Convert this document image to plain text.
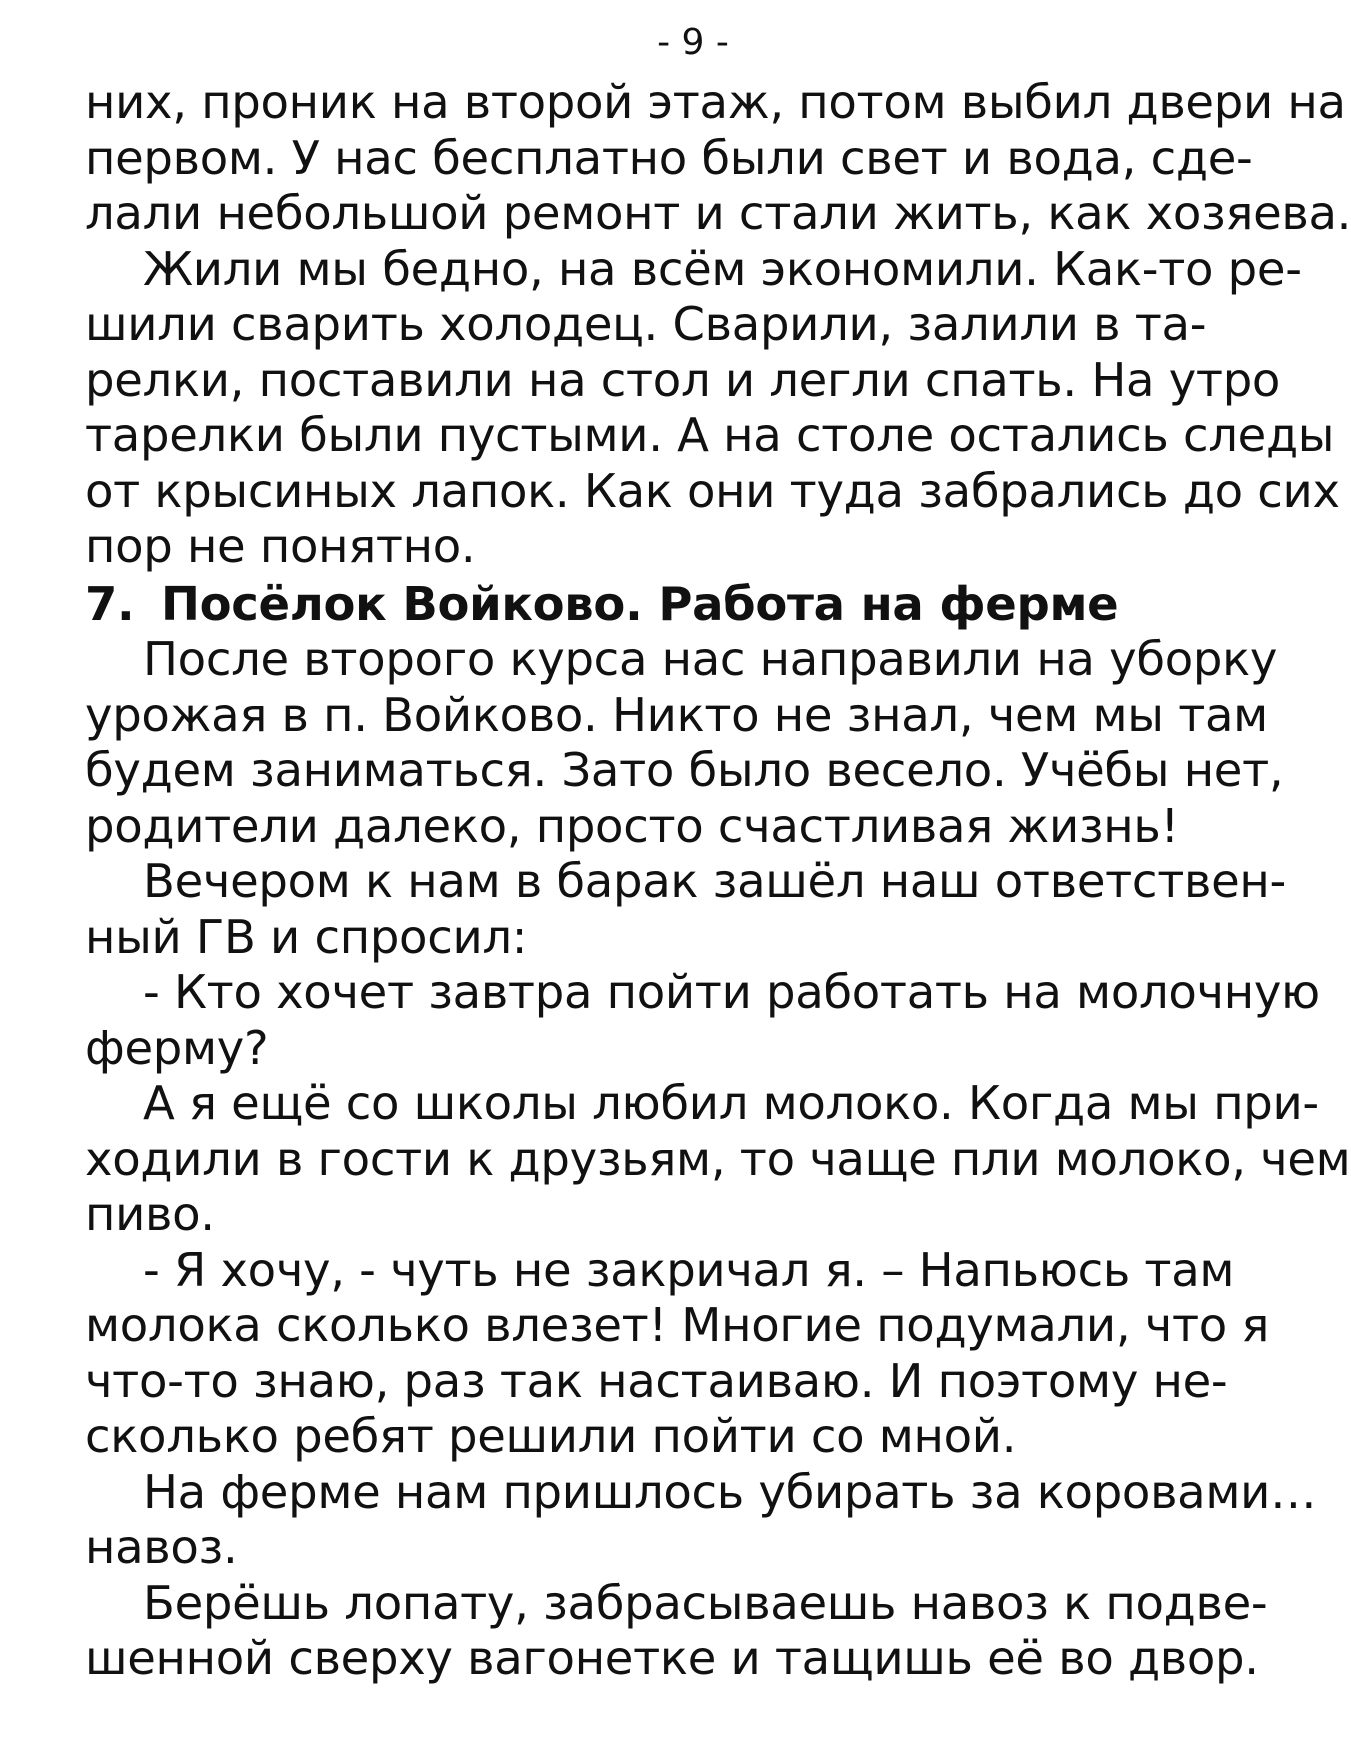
- 9 -
них, проник на второй этаж, потом выбил двери на
первом. У нас бесплатно были свет и вода, сде-
лали небольшой ремонт и стали жить, как хозяева.
Жили мы бедно, на всём экономили. Как-то ре-
шили сварить холодец. Сварили, залили в та-
релки, поставили на стол и легли спать. На утро
тарелки были пустыми. А на столе остались следы
от крысиных лапок. Как они туда забрались до сих
пор не понятно.
7. Посёлок Войково. Работа на ферме
После второго курса нас направили на уборку
урожая в п. Войково. Никто не знал, чем мы там
будем заниматься. Зато было весело. Учёбы нет,
родители далеко, просто счастливая жизнь!
Вечером к нам в барак зашёл наш ответствен-
ный ГВ и спросил:
- Кто хочет завтра пойти работать на молочную
ферму?
А я ещё со школы любил молоко. Когда мы при-
ходили в гости к друзьям, то чаще пли молоко, чем
пиво.
- Я хочу, - чуть не закричал я. – Напьюсь там
молока сколько влезет! Многие подумали, что я
что-то знаю, раз так настаиваю. И поэтому не-
сколько ребят решили пойти со мной.
На ферме нам пришлось убирать за коровами…
навоз.
Берёшь лопату, забрасываешь навоз к подве-
шенной сверху вагонетке и тащишь её во двор.
